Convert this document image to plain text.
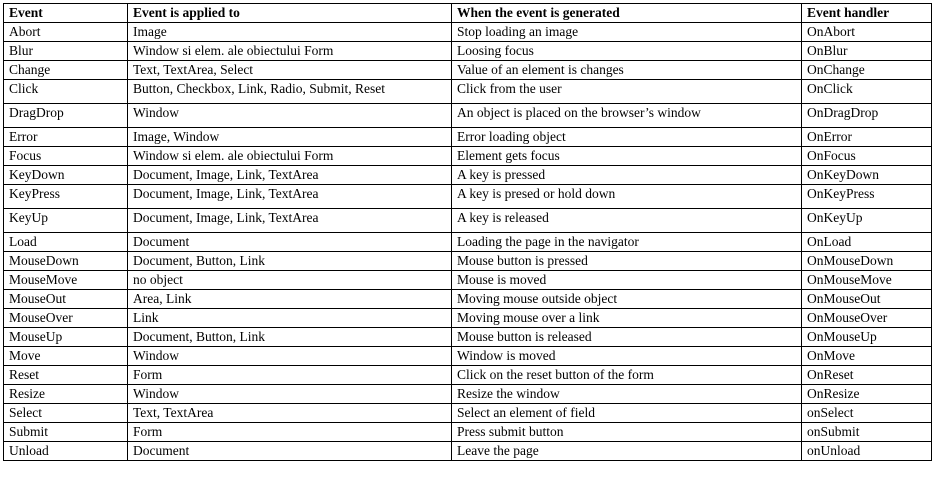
Event	Event is applied to	When the event is generated	Event handler
Abort	Image	Stop loading an image	OnAbort
Blur	Window si elem. ale obiectului Form	Loosing focus	OnBlur
Change	Text, TextArea, Select	Value of an element is changes	OnChange
Click	Button, Checkbox, Link, Radio, Submit, Reset	Click from the user	OnClick
DragDrop	Window	An object is placed on the browser’s window	OnDragDrop
Error	Image, Window	Error loading object	OnError
Focus	Window si elem. ale obiectului Form	Element gets focus	OnFocus
KeyDown	Document, Image, Link, TextArea	A key is pressed	OnKeyDown
KeyPress	Document, Image, Link, TextArea	A key is presed or hold down	OnKeyPress
KeyUp	Document, Image, Link, TextArea	A key is released	OnKeyUp
Load	Document	Loading the page in the navigator	OnLoad
MouseDown	Document, Button, Link	Mouse button is pressed	OnMouseDown
MouseMove	no object	Mouse is moved	OnMouseMove
MouseOut	Area, Link	Moving mouse outside object	OnMouseOut
MouseOver	Link	Moving mouse over a link	OnMouseOver
MouseUp	Document, Button, Link	Mouse button is released	OnMouseUp
Move	Window	Window is moved	OnMove
Reset	Form	Click on the reset button of the form	OnReset
Resize	Window	Resize the window	OnResize
Select	Text, TextArea	Select an element of field	onSelect
Submit	Form	Press submit button	onSubmit
Unload	Document	Leave the page	onUnload
